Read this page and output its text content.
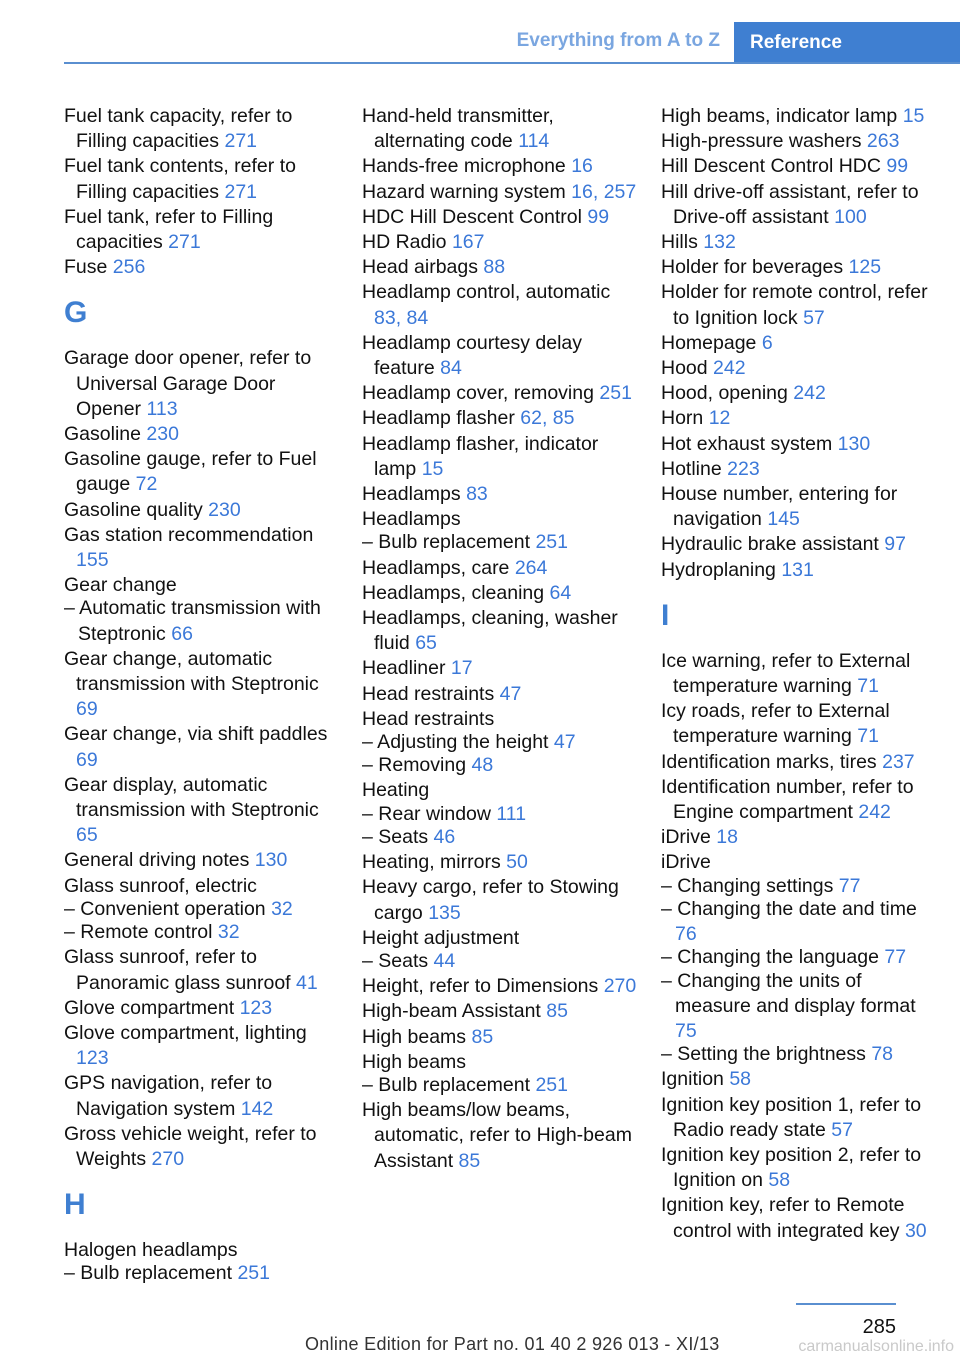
Everything from A to Z	Reference

Fuel tank capacity, refer to Filling capacities 271

Fuel tank contents, refer to Filling capacities 271

Fuel tank, refer to Filling capacities 271

Fuse 256

G

Garage door opener, refer to Universal Garage Door Opener 113

Gasoline 230

Gasoline gauge, refer to Fuel gauge 72

Gasoline quality 230

Gas station recommendation 155

Gear change

– Automatic transmission with Steptronic 66

Gear change, automatic transmission with Steptronic 69

Gear change, via shift paddles 69

Gear display, automatic transmission with Steptronic 65

General driving notes 130

Glass sunroof, electric

– Convenient operation 32

– Remote control 32

Glass sunroof, refer to Panoramic glass sunroof 41

Glove compartment 123

Glove compartment, lighting 123

GPS navigation, refer to Navigation system 142

Gross vehicle weight, refer to Weights 270

H

Halogen headlamps

– Bulb replacement 251

Hand-held transmitter, alternating code 114

Hands-free microphone 16

Hazard warning system 16, 257

HDC Hill Descent Control 99

HD Radio 167

Head airbags 88

Headlamp control, automatic 83, 84

Headlamp courtesy delay feature 84

Headlamp cover, removing 251

Headlamp flasher 62, 85

Headlamp flasher, indicator lamp 15

Headlamps 83

Headlamps

– Bulb replacement 251

Headlamps, care 264

Headlamps, cleaning 64

Headlamps, cleaning, washer fluid 65

Headliner 17

Head restraints 47

Head restraints

– Adjusting the height 47

– Removing 48

Heating

– Rear window 111

– Seats 46

Heating, mirrors 50

Heavy cargo, refer to Stowing cargo 135

Height adjustment

– Seats 44

Height, refer to Dimensions 270

High-beam Assistant 85

High beams 85

High beams

– Bulb replacement 251

High beams/low beams, automatic, refer to High-beam Assistant 85

High beams, indicator lamp 15

High-pressure washers 263

Hill Descent Control HDC 99

Hill drive-off assistant, refer to Drive-off assistant 100

Hills 132

Holder for beverages 125

Holder for remote control, refer to Ignition lock 57

Homepage 6

Hood 242

Hood, opening 242

Horn 12

Hot exhaust system 130

Hotline 223

House number, entering for navigation 145

Hydraulic brake assistant 97

Hydroplaning 131

I

Ice warning, refer to External temperature warning 71

Icy roads, refer to External temperature warning 71

Identification marks, tires 237

Identification number, refer to Engine compartment 242

iDrive 18

iDrive

– Changing settings 77

– Changing the date and time 76

– Changing the language 77

– Changing the units of measure and display format 75

– Setting the brightness 78

Ignition 58

Ignition key position 1, refer to Radio ready state 57

Ignition key position 2, refer to Ignition on 58

Ignition key, refer to Remote control with integrated key 30

285
Online Edition for Part no. 01 40 2 926 013 - XI/13	carmanualsonline.info
